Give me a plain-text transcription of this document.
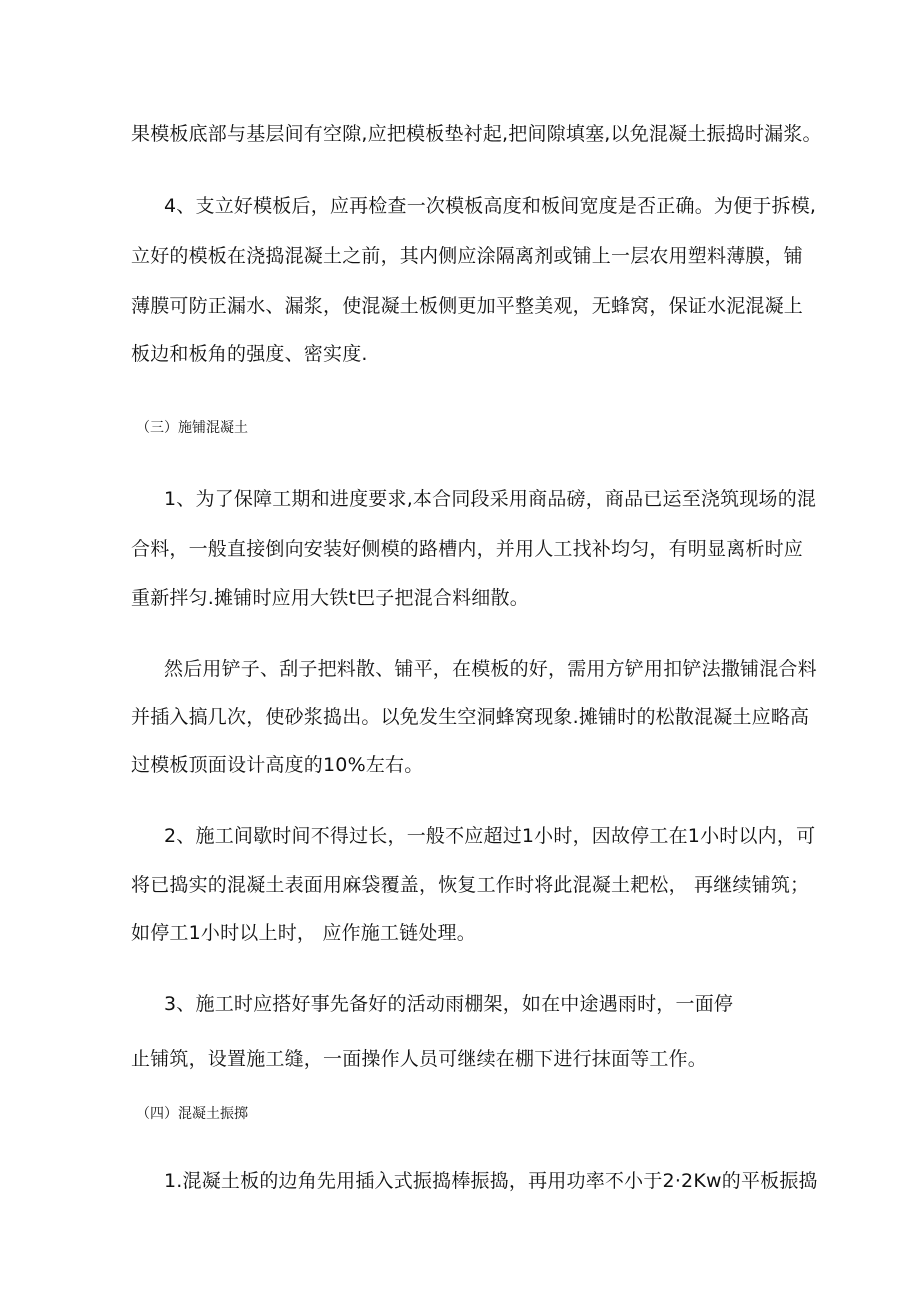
果模板底部与基层间有空隙,应把模板垫衬起,把间隙填塞,以免混凝土振捣时漏浆。
4、支立好模板后，应再检查一次模板高度和板间宽度是否正确。为便于拆模,
立好的模板在浇捣混凝土之前，其内侧应涂隔离剂或铺上一层农用塑料薄膜，铺
薄膜可防正漏水、漏浆，使混凝土板侧更加平整美观，无蜂窝，保证水泥混凝上
板边和板角的强度、密实度.
（三）施铺混凝土
1、为了保障工期和进度要求,本合同段采用商品磅，商品已运至浇筑现场的混
合料，一般直接倒向安装好侧模的路槽内，并用人工找补均匀，有明显离析时应
重新拌匀.摊铺时应用大铁t巴子把混合料细散。
然后用铲子、刮子把料散、铺平，在模板的好，需用方铲用扣铲法撒铺混合料
并插入搞几次，使砂浆捣出。以免发生空洞蜂窝现象.摊铺时的松散混凝土应略高
过模板顶面设计高度的10%左右。
2、施工间歇时间不得过长，一般不应超过1小时，因故停工在1小时以内，可
将已捣实的混凝土表面用麻袋覆盖，恢复工作时将此混凝土耙松， 再继续铺筑；
如停工1小时以上时， 应作施工链处理。
3、施工时应搭好事先备好的活动雨棚架，如在中途遇雨时，一面停
止铺筑，设置施工缝，一面操作人员可继续在棚下进行抹面等工作。
（四）混凝土振掷
1.混凝土板的边角先用插入式振捣棒振捣，再用功率不小于2·2Kw的平板振捣
